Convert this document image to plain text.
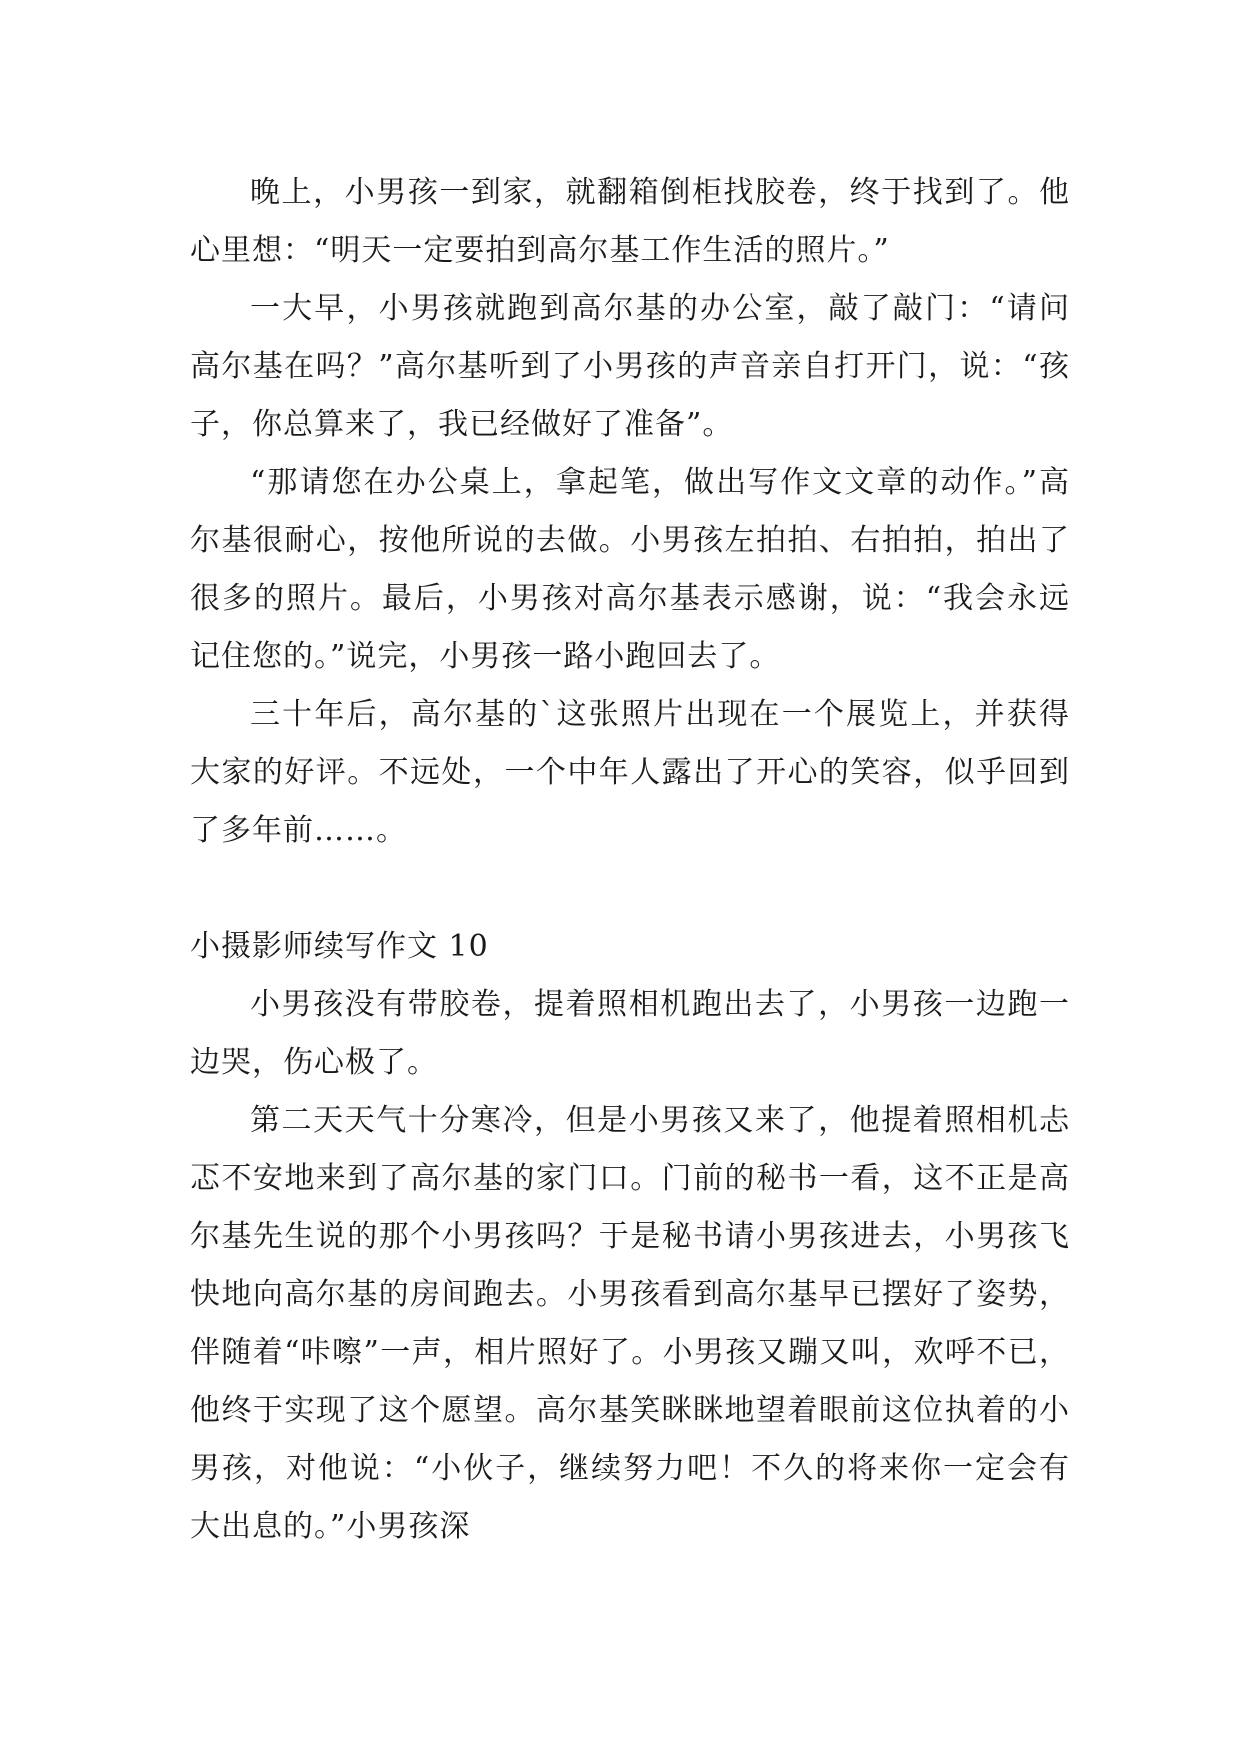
晚上，小男孩一到家，就翻箱倒柜找胶卷，终于找到了。他心里想：“明天一定要拍到高尔基工作生活的照片。”

一大早，小男孩就跑到高尔基的办公室，敲了敲门：“请问高尔基在吗？”高尔基听到了小男孩的声音亲自打开门，说：“孩子，你总算来了，我已经做好了准备”。

“那请您在办公桌上，拿起笔，做出写作文文章的动作。”高尔基很耐心，按他所说的去做。小男孩左拍拍、右拍拍，拍出了很多的照片。最后，小男孩对高尔基表示感谢，说：“我会永远记住您的。”说完，小男孩一路小跑回去了。

三十年后，高尔基的`这张照片出现在一个展览上，并获得大家的好评。不远处，一个中年人露出了开心的笑容，似乎回到了多年前……。

小摄影师续写作文 10

小男孩没有带胶卷，提着照相机跑出去了，小男孩一边跑一边哭，伤心极了。

第二天天气十分寒冷，但是小男孩又来了，他提着照相机忐忑不安地来到了高尔基的家门口。门前的秘书一看，这不正是高尔基先生说的那个小男孩吗？于是秘书请小男孩进去，小男孩飞快地向高尔基的房间跑去。小男孩看到高尔基早已摆好了姿势，伴随着“咔嚓”一声，相片照好了。小男孩又蹦又叫，欢呼不已，他终于实现了这个愿望。高尔基笑眯眯地望着眼前这位执着的小男孩，对他说：“小伙子，继续努力吧！不久的将来你一定会有大出息的。”小男孩深
